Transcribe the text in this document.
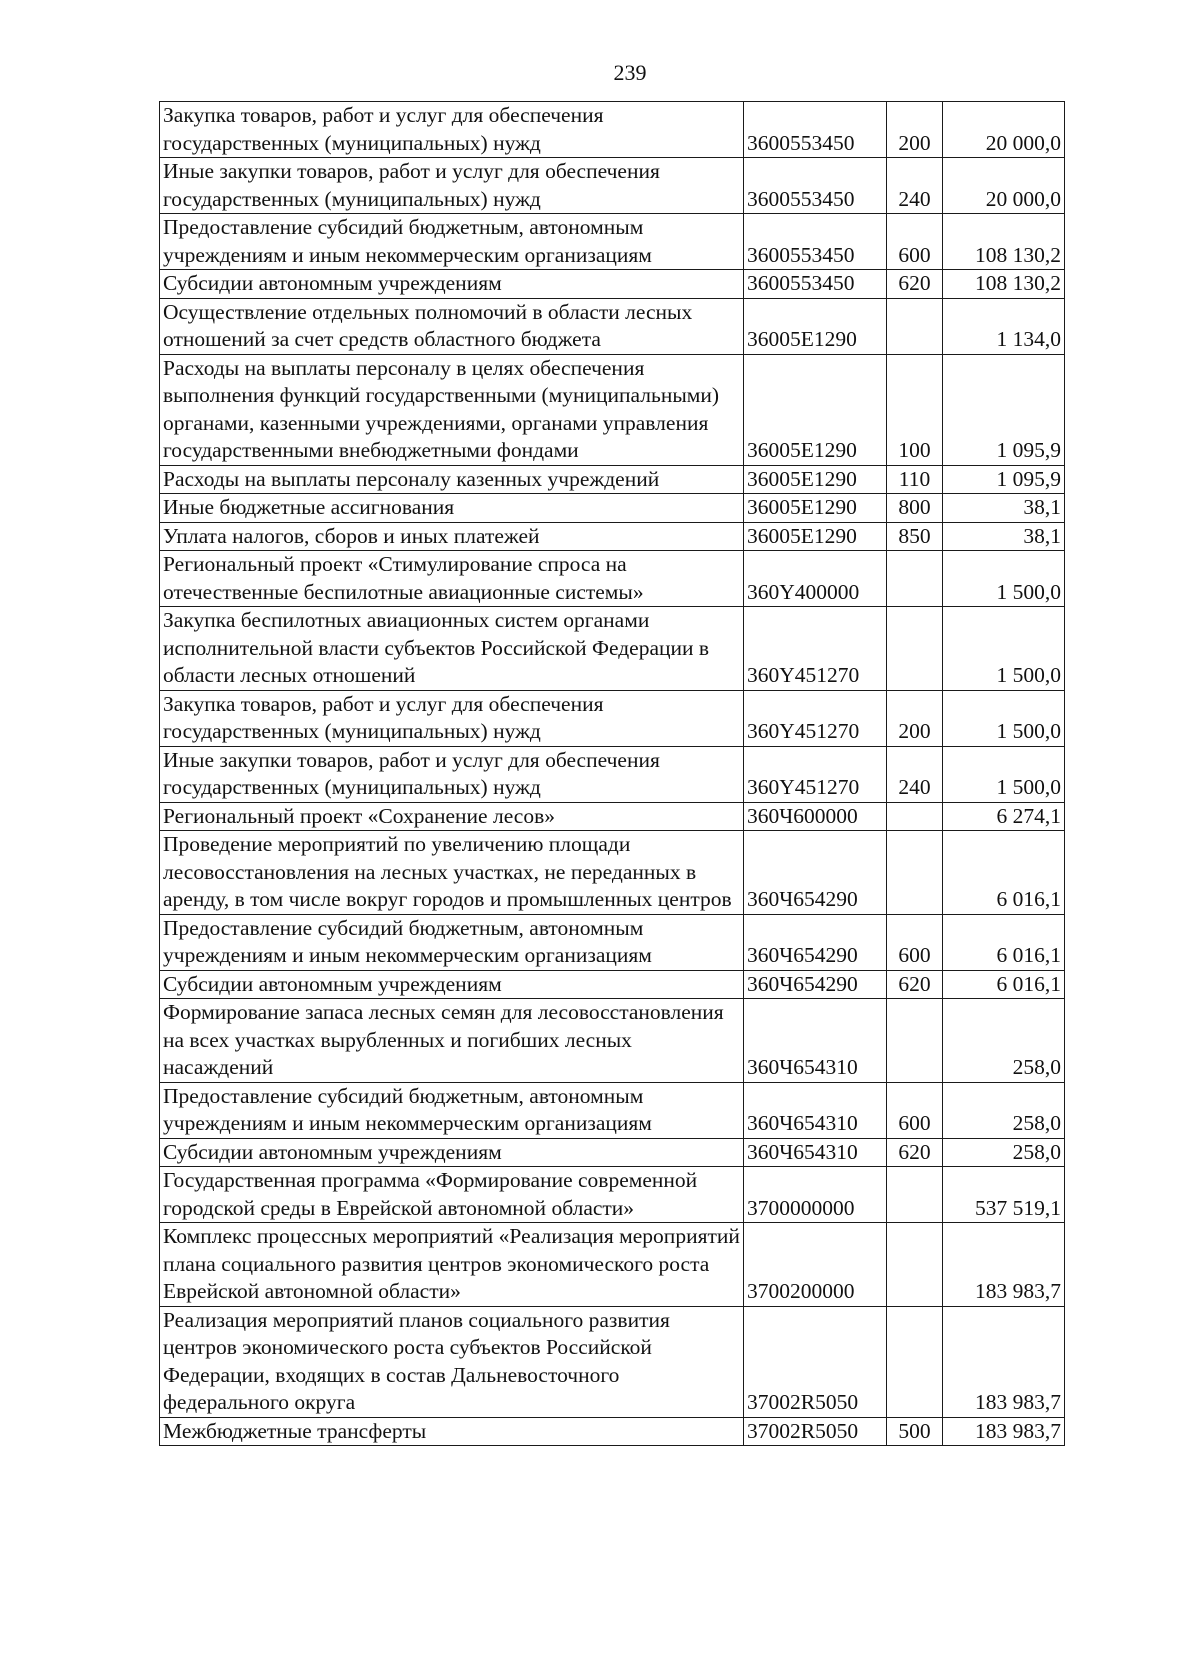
239
Закупка товаров, работ и услуг для обеспечения государственных (муниципальных) нужд	3600553450	200	20 000,0
Иные закупки товаров, работ и услуг для обеспечения государственных (муниципальных) нужд	3600553450	240	20 000,0
Предоставление субсидий бюджетным, автономным учреждениям и иным некоммерческим организациям	3600553450	600	108 130,2
Субсидии автономным учреждениям	3600553450	620	108 130,2
Осуществление отдельных полномочий в области лесных отношений за счет средств областного бюджета	36005Е1290		1 134,0
Расходы на выплаты персоналу в целях обеспечения выполнения функций государственными (муниципальными) органами, казенными учреждениями, органами управления государственными внебюджетными фондами	36005Е1290	100	1 095,9
Расходы на выплаты персоналу казенных учреждений	36005Е1290	110	1 095,9
Иные бюджетные ассигнования	36005Е1290	800	38,1
Уплата налогов, сборов и иных платежей	36005Е1290	850	38,1
Региональный проект «Стимулирование спроса на отечественные беспилотные авиационные системы»	360Y400000		1 500,0
Закупка беспилотных авиационных систем органами исполнительной власти субъектов Российской Федерации в области лесных отношений	360Y451270		1 500,0
Закупка товаров, работ и услуг для обеспечения государственных (муниципальных) нужд	360Y451270	200	1 500,0
Иные закупки товаров, работ и услуг для обеспечения государственных (муниципальных) нужд	360Y451270	240	1 500,0
Региональный проект «Сохранение лесов»	360Ч600000		6 274,1
Проведение мероприятий по увеличению площади лесовосстановления на лесных участках, не переданных в аренду, в том числе вокруг городов и промышленных центров	360Ч654290		6 016,1
Предоставление субсидий бюджетным, автономным учреждениям и иным некоммерческим организациям	360Ч654290	600	6 016,1
Субсидии автономным учреждениям	360Ч654290	620	6 016,1
Формирование запаса лесных семян для лесовосстановления на всех участках вырубленных и погибших лесных насаждений	360Ч654310		258,0
Предоставление субсидий бюджетным, автономным учреждениям и иным некоммерческим организациям	360Ч654310	600	258,0
Субсидии автономным учреждениям	360Ч654310	620	258,0
Государственная программа «Формирование современной городской среды в Еврейской автономной области»	3700000000		537 519,1
Комплекс процессных мероприятий «Реализация мероприятий плана социального развития центров экономического роста Еврейской автономной области»	3700200000		183 983,7
Реализация мероприятий планов социального развития центров экономического роста субъектов Российской Федерации, входящих в состав Дальневосточного федерального округа	37002R5050		183 983,7
Межбюджетные трансферты	37002R5050	500	183 983,7
